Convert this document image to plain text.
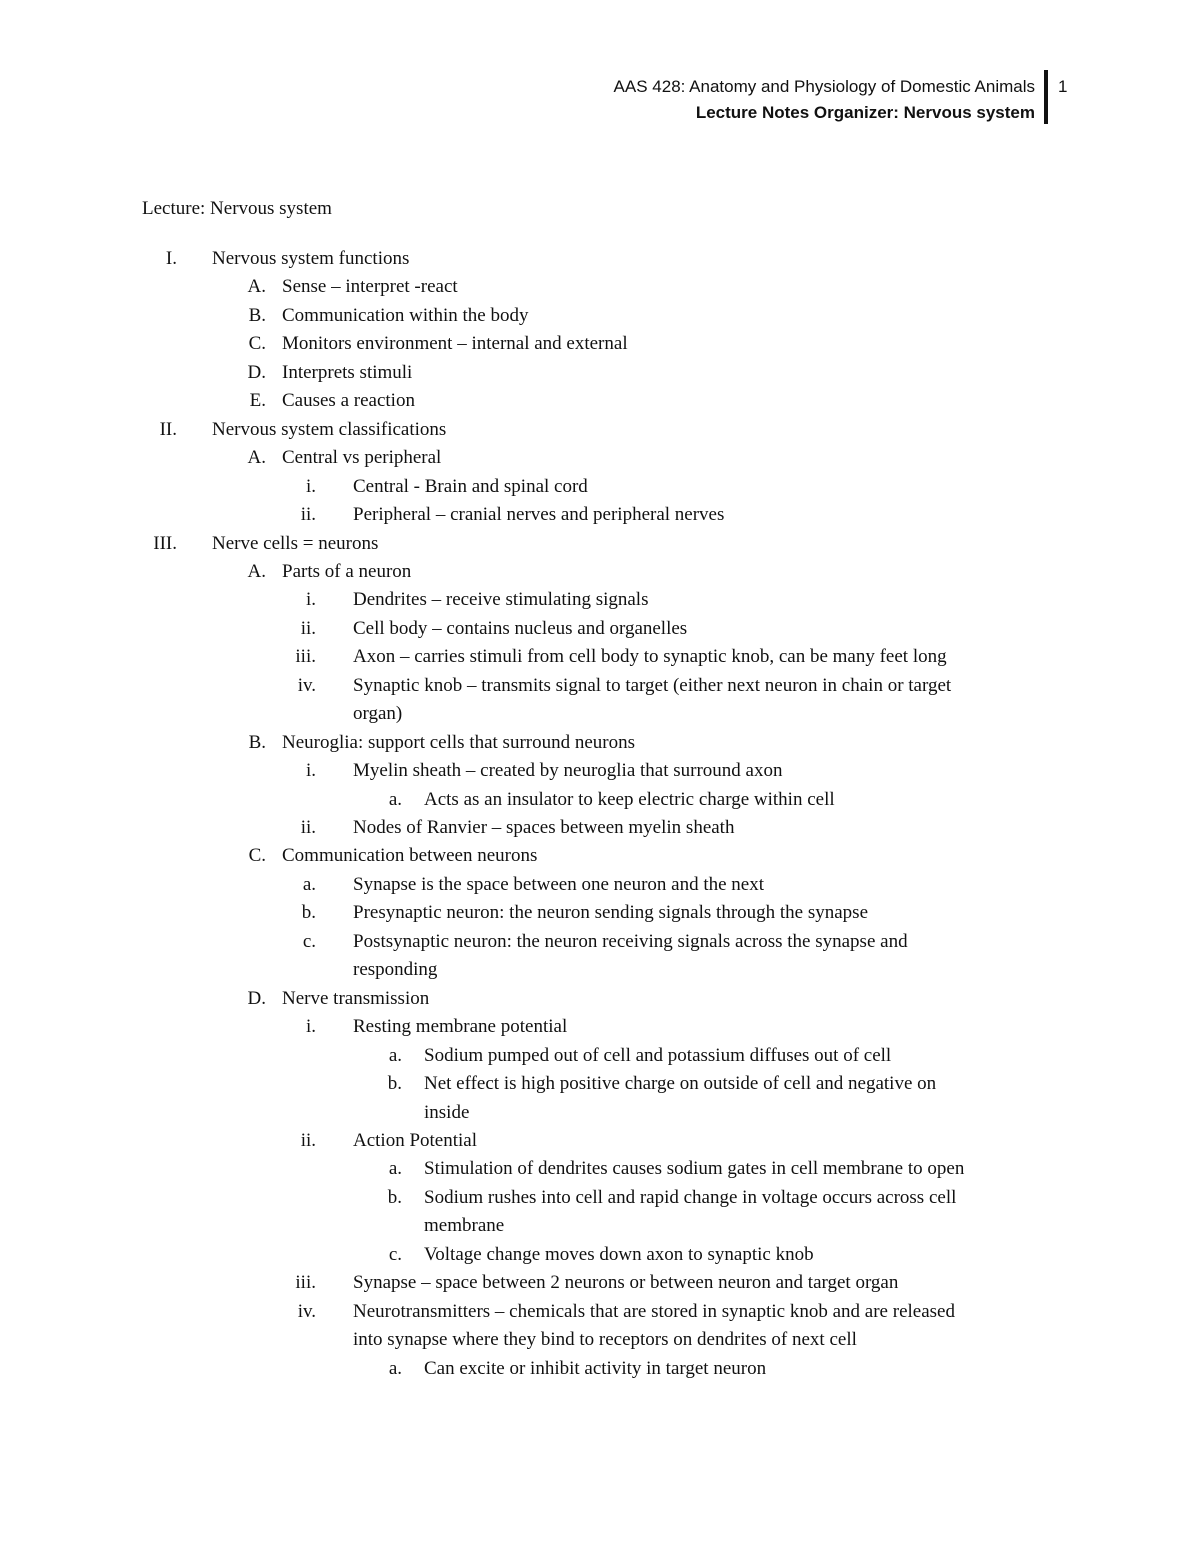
AAS 428: Anatomy and Physiology of Domestic Animals
Lecture Notes Organizer: Nervous system
1
Lecture: Nervous system
I. Nervous system functions
A. Sense – interpret -react
B. Communication within the body
C. Monitors environment – internal and external
D. Interprets stimuli
E. Causes a reaction
II. Nervous system classifications
A. Central vs peripheral
i. Central - Brain and spinal cord
ii. Peripheral – cranial nerves and peripheral nerves
III. Nerve cells = neurons
A. Parts of a neuron
i. Dendrites – receive stimulating signals
ii. Cell body – contains nucleus and organelles
iii. Axon – carries stimuli from cell body to synaptic knob, can be many feet long
iv. Synaptic knob – transmits signal to target (either next neuron in chain or target
organ)
B. Neuroglia: support cells that surround neurons
i. Myelin sheath – created by neuroglia that surround axon
a. Acts as an insulator to keep electric charge within cell
ii. Nodes of Ranvier – spaces between myelin sheath
C. Communication between neurons
a. Synapse is the space between one neuron and the next
b. Presynaptic neuron: the neuron sending signals through the synapse
c. Postsynaptic neuron: the neuron receiving signals across the synapse and
responding
D. Nerve transmission
i. Resting membrane potential
a. Sodium pumped out of cell and potassium diffuses out of cell
b. Net effect is high positive charge on outside of cell and negative on
inside
ii. Action Potential
a. Stimulation of dendrites causes sodium gates in cell membrane to open
b. Sodium rushes into cell and rapid change in voltage occurs across cell
membrane
c. Voltage change moves down axon to synaptic knob
iii. Synapse – space between 2 neurons or between neuron and target organ
iv. Neurotransmitters – chemicals that are stored in synaptic knob and are released
into synapse where they bind to receptors on dendrites of next cell
a. Can excite or inhibit activity in target neuron
